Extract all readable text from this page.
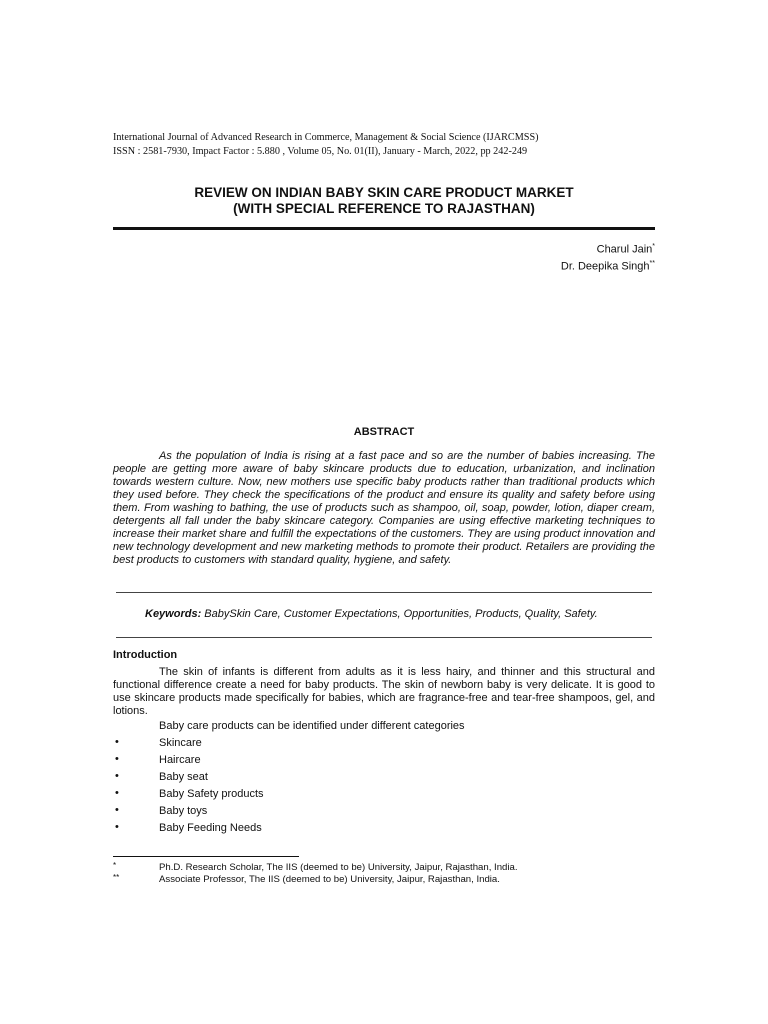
International Journal of Advanced Research in Commerce, Management & Social Science (IJARCMSS)
ISSN : 2581-7930, Impact Factor : 5.880 , Volume 05, No. 01(II), January - March, 2022, pp 242-249
REVIEW ON INDIAN BABY SKIN CARE PRODUCT MARKET
(WITH SPECIAL REFERENCE TO RAJASTHAN)
Charul Jain*
Dr. Deepika Singh**
ABSTRACT
As the population of India is rising at a fast pace and so are the number of babies increasing. The people are getting more aware of baby skincare products due to education, urbanization, and inclination towards western culture. Now, new mothers use specific baby products rather than traditional products which they used before. They check the specifications of the product and ensure its quality and safety before using them. From washing to bathing, the use of products such as shampoo, oil, soap, powder, lotion, diaper cream, detergents all fall under the baby skincare category. Companies are using effective marketing techniques to increase their market share and fulfill the expectations of the customers. They are using product innovation and new technology development and new marketing methods to promote their product. Retailers are providing the best products to customers with standard quality, hygiene, and safety.
Keywords: BabySkin Care, Customer Expectations, Opportunities, Products, Quality, Safety.
Introduction
The skin of infants is different from adults as it is less hairy, and thinner and this structural and functional difference create a need for baby products. The skin of newborn baby is very delicate. It is good to use skincare products made specifically for babies, which are fragrance-free and tear-free shampoos, gel, and lotions.
Baby care products can be identified under different categories
•	Skincare
•	Haircare
•	Baby seat
•	Baby Safety products
•	Baby toys
•	Baby Feeding Needs
*	Ph.D. Research Scholar, The IIS (deemed to be) University, Jaipur, Rajasthan, India.
**	Associate Professor, The IIS (deemed to be) University, Jaipur, Rajasthan, India.
